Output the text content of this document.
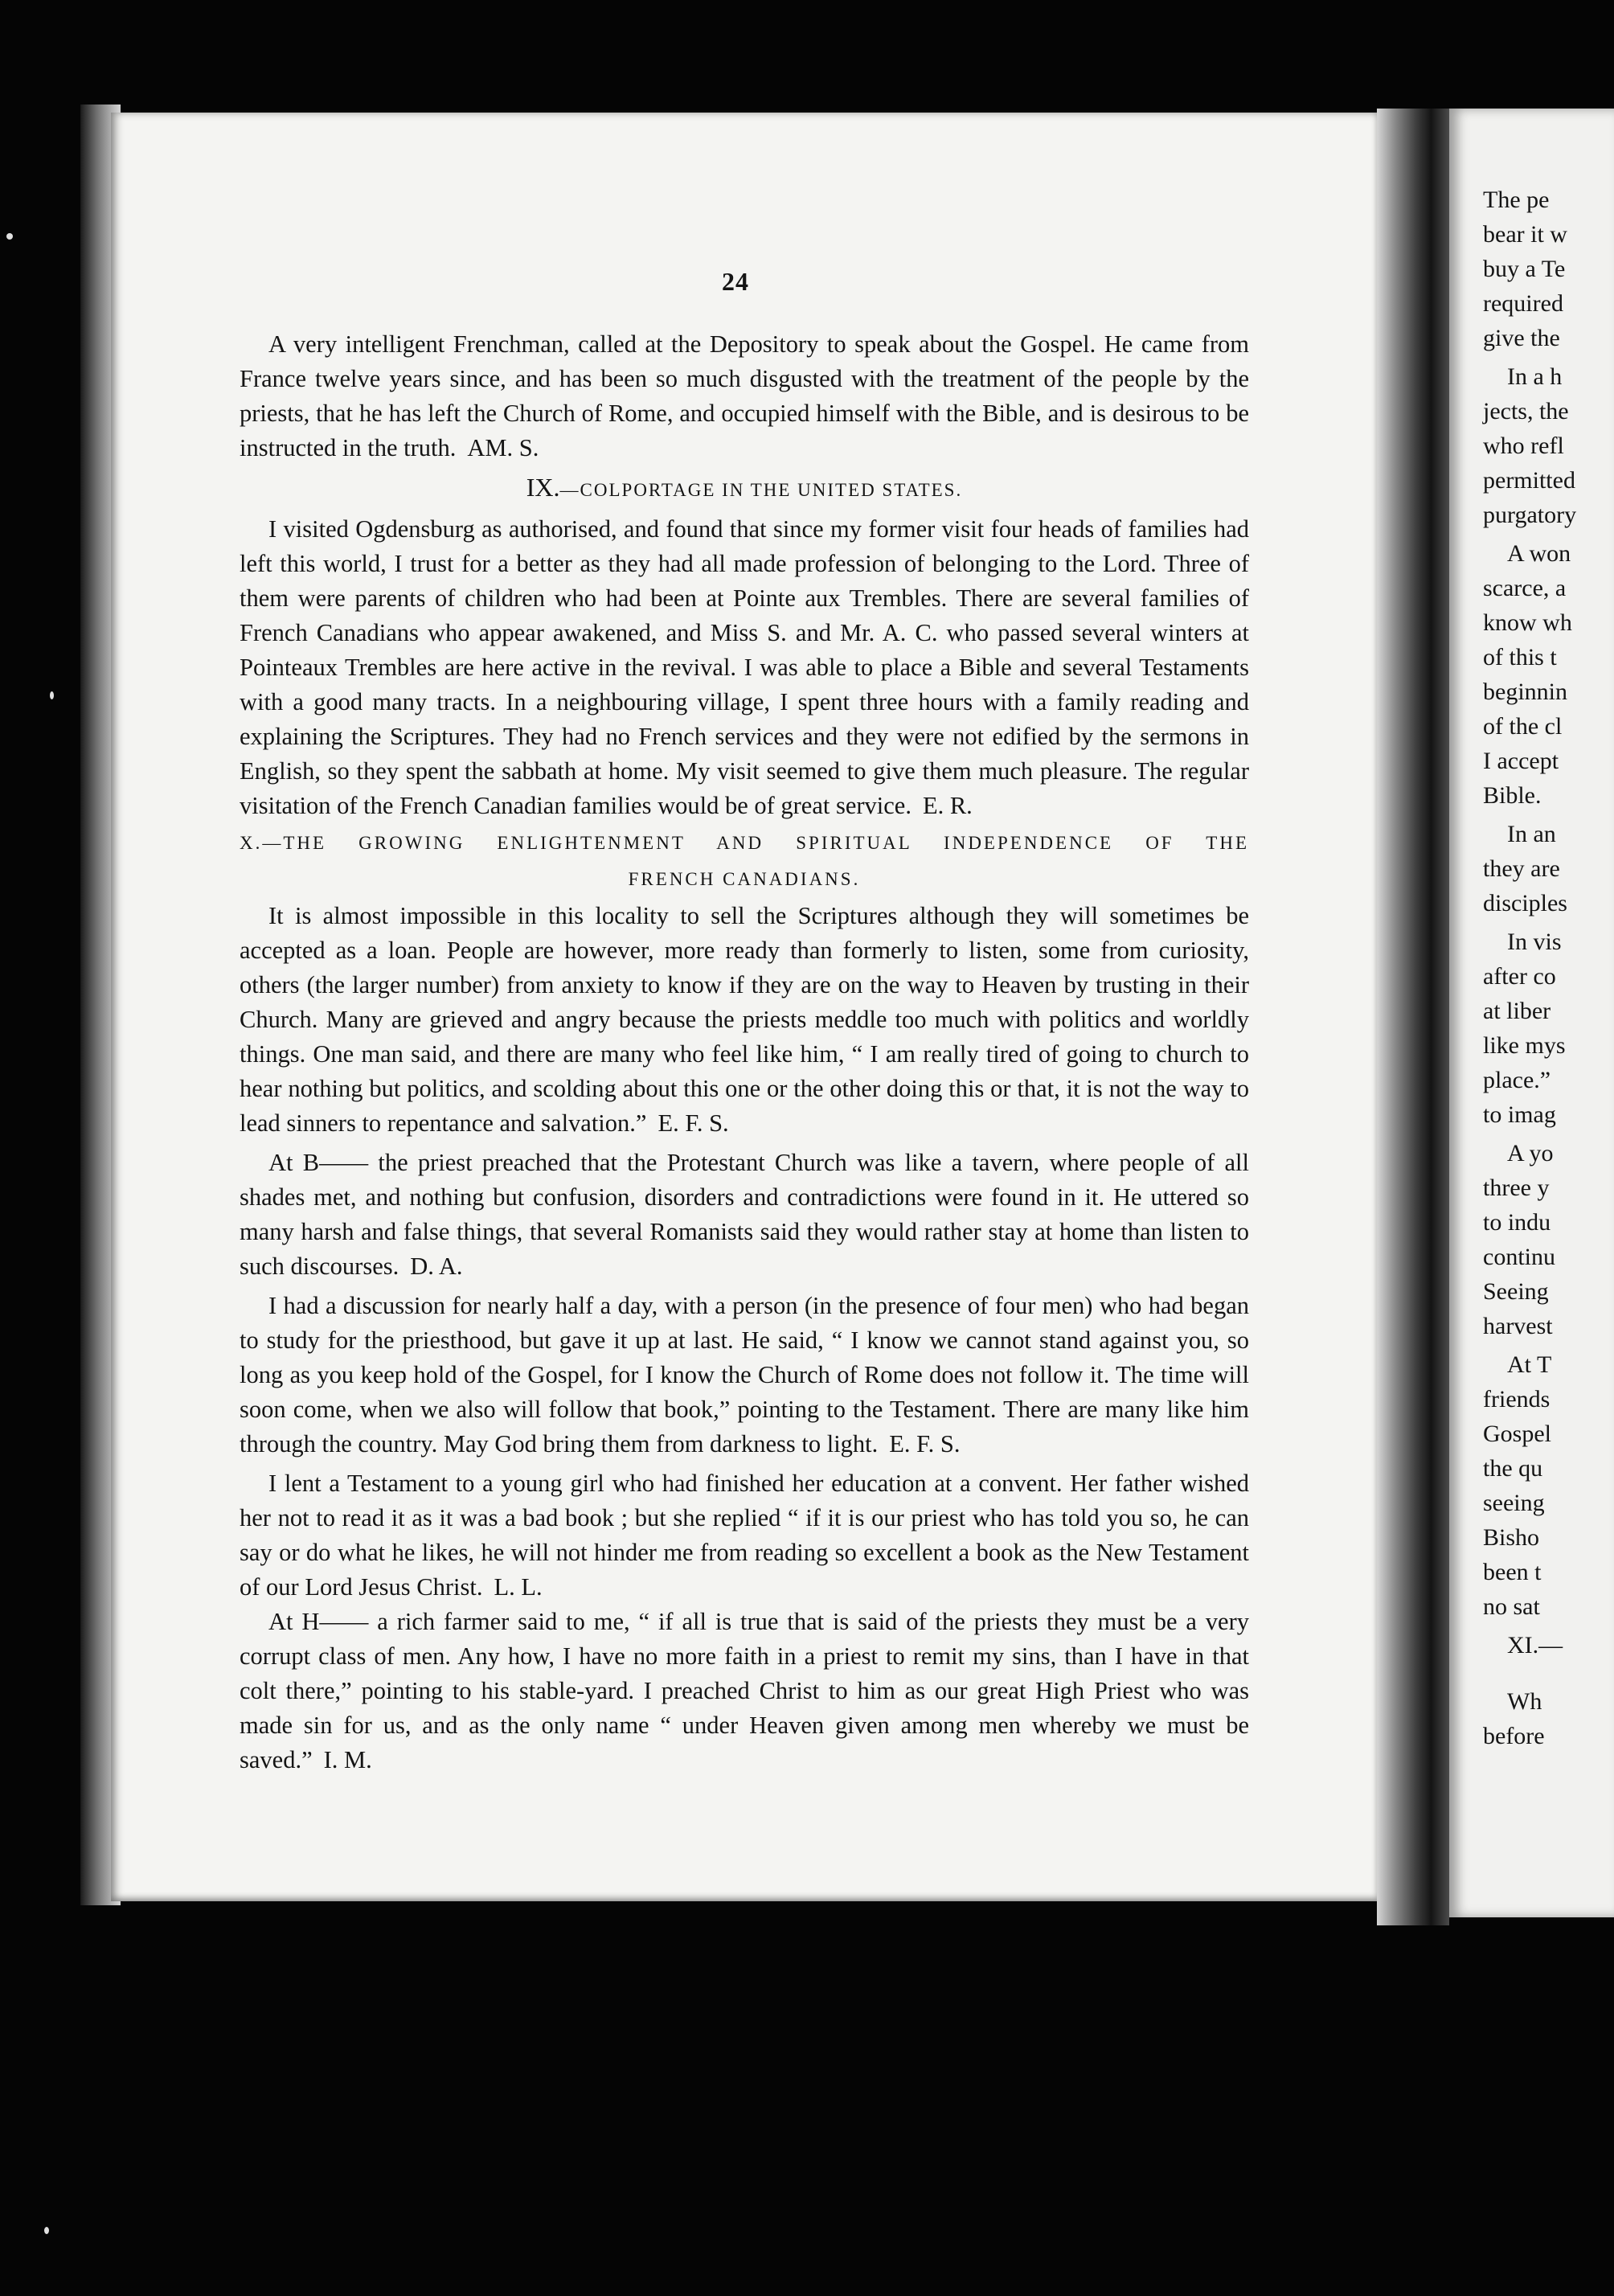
The pe
bear it w
buy a Te
required
give the
In a h
jects, the
who refl
permitted
purgatory
A won
scarce, a
know wh
of this t
beginnin
of the cl
I accept
Bible.
In an
they are
disciples
In vis
after co
at liber
like mys
place.”
to imag
A yo
three y
to indu
continu
Seeing
harvest
At T
friends
Gospel
the qu
seeing
Bisho
been t
no sat
XI.—
Wh
before
24

A very intelligent Frenchman, called at the Depository to speak about the Gospel. He came from France twelve years since, and has been so much disgusted with the treatment of the people by the priests, that he has left the Church of Rome, and occupied himself with the Bible, and is desirous to be instructed in the truth. AM. S.

IX.—COLPORTAGE IN THE UNITED STATES.

I visited Ogdensburg as authorised, and found that since my former visit four heads of families had left this world, I trust for a better as they had all made profession of belonging to the Lord. Three of them were parents of children who had been at Pointe aux Trembles. There are several families of French Canadians who appear awakened, and Miss S. and Mr. A. C. who passed several winters at Pointeaux Trembles are here active in the revival. I was able to place a Bible and several Testaments with a good many tracts. In a neighbouring village, I spent three hours with a family reading and explaining the Scriptures. They had no French services and they were not edified by the sermons in English, so they spent the sabbath at home. My visit seemed to give them much pleasure. The regular visitation of the French Canadian families would be of great service. E. R.

X.—THE GROWING ENLIGHTENMENT AND SPIRITUAL INDEPENDENCE OF THE
FRENCH CANADIANS.

It is almost impossible in this locality to sell the Scriptures although they will sometimes be accepted as a loan. People are however, more ready than formerly to listen, some from curiosity, others (the larger number) from anxiety to know if they are on the way to Heaven by trusting in their Church. Many are grieved and angry because the priests meddle too much with politics and worldly things. One man said, and there are many who feel like him, “ I am really tired of going to church to hear nothing but politics, and scolding about this one or the other doing this or that, it is not the way to lead sinners to repentance and salvation.” E. F. S.

At B—— the priest preached that the Protestant Church was like a tavern, where people of all shades met, and nothing but confusion, disorders and contradictions were found in it. He uttered so many harsh and false things, that several Romanists said they would rather stay at home than listen to such discourses. D. A.

I had a discussion for nearly half a day, with a person (in the presence of four men) who had began to study for the priesthood, but gave it up at last. He said, “ I know we cannot stand against you, so long as you keep hold of the Gospel, for I know the Church of Rome does not follow it. The time will soon come, when we also will follow that book,” pointing to the Testament. There are many like him through the country. May God bring them from darkness to light. E. F. S.

I lent a Testament to a young girl who had finished her education at a convent. Her father wished her not to read it as it was a bad book ; but she replied “ if it is our priest who has told you so, he can say or do what he likes, he will not hinder me from reading so excellent a book as the New Testament of our Lord Jesus Christ. L. L.

At H—— a rich farmer said to me, “ if all is true that is said of the priests they must be a very corrupt class of men. Any how, I have no more faith in a priest to remit my sins, than I have in that colt there,” pointing to his stable-yard. I preached Christ to him as our great High Priest who was made sin for us, and as the only name “ under Heaven given among men whereby we must be saved.” I. M.
